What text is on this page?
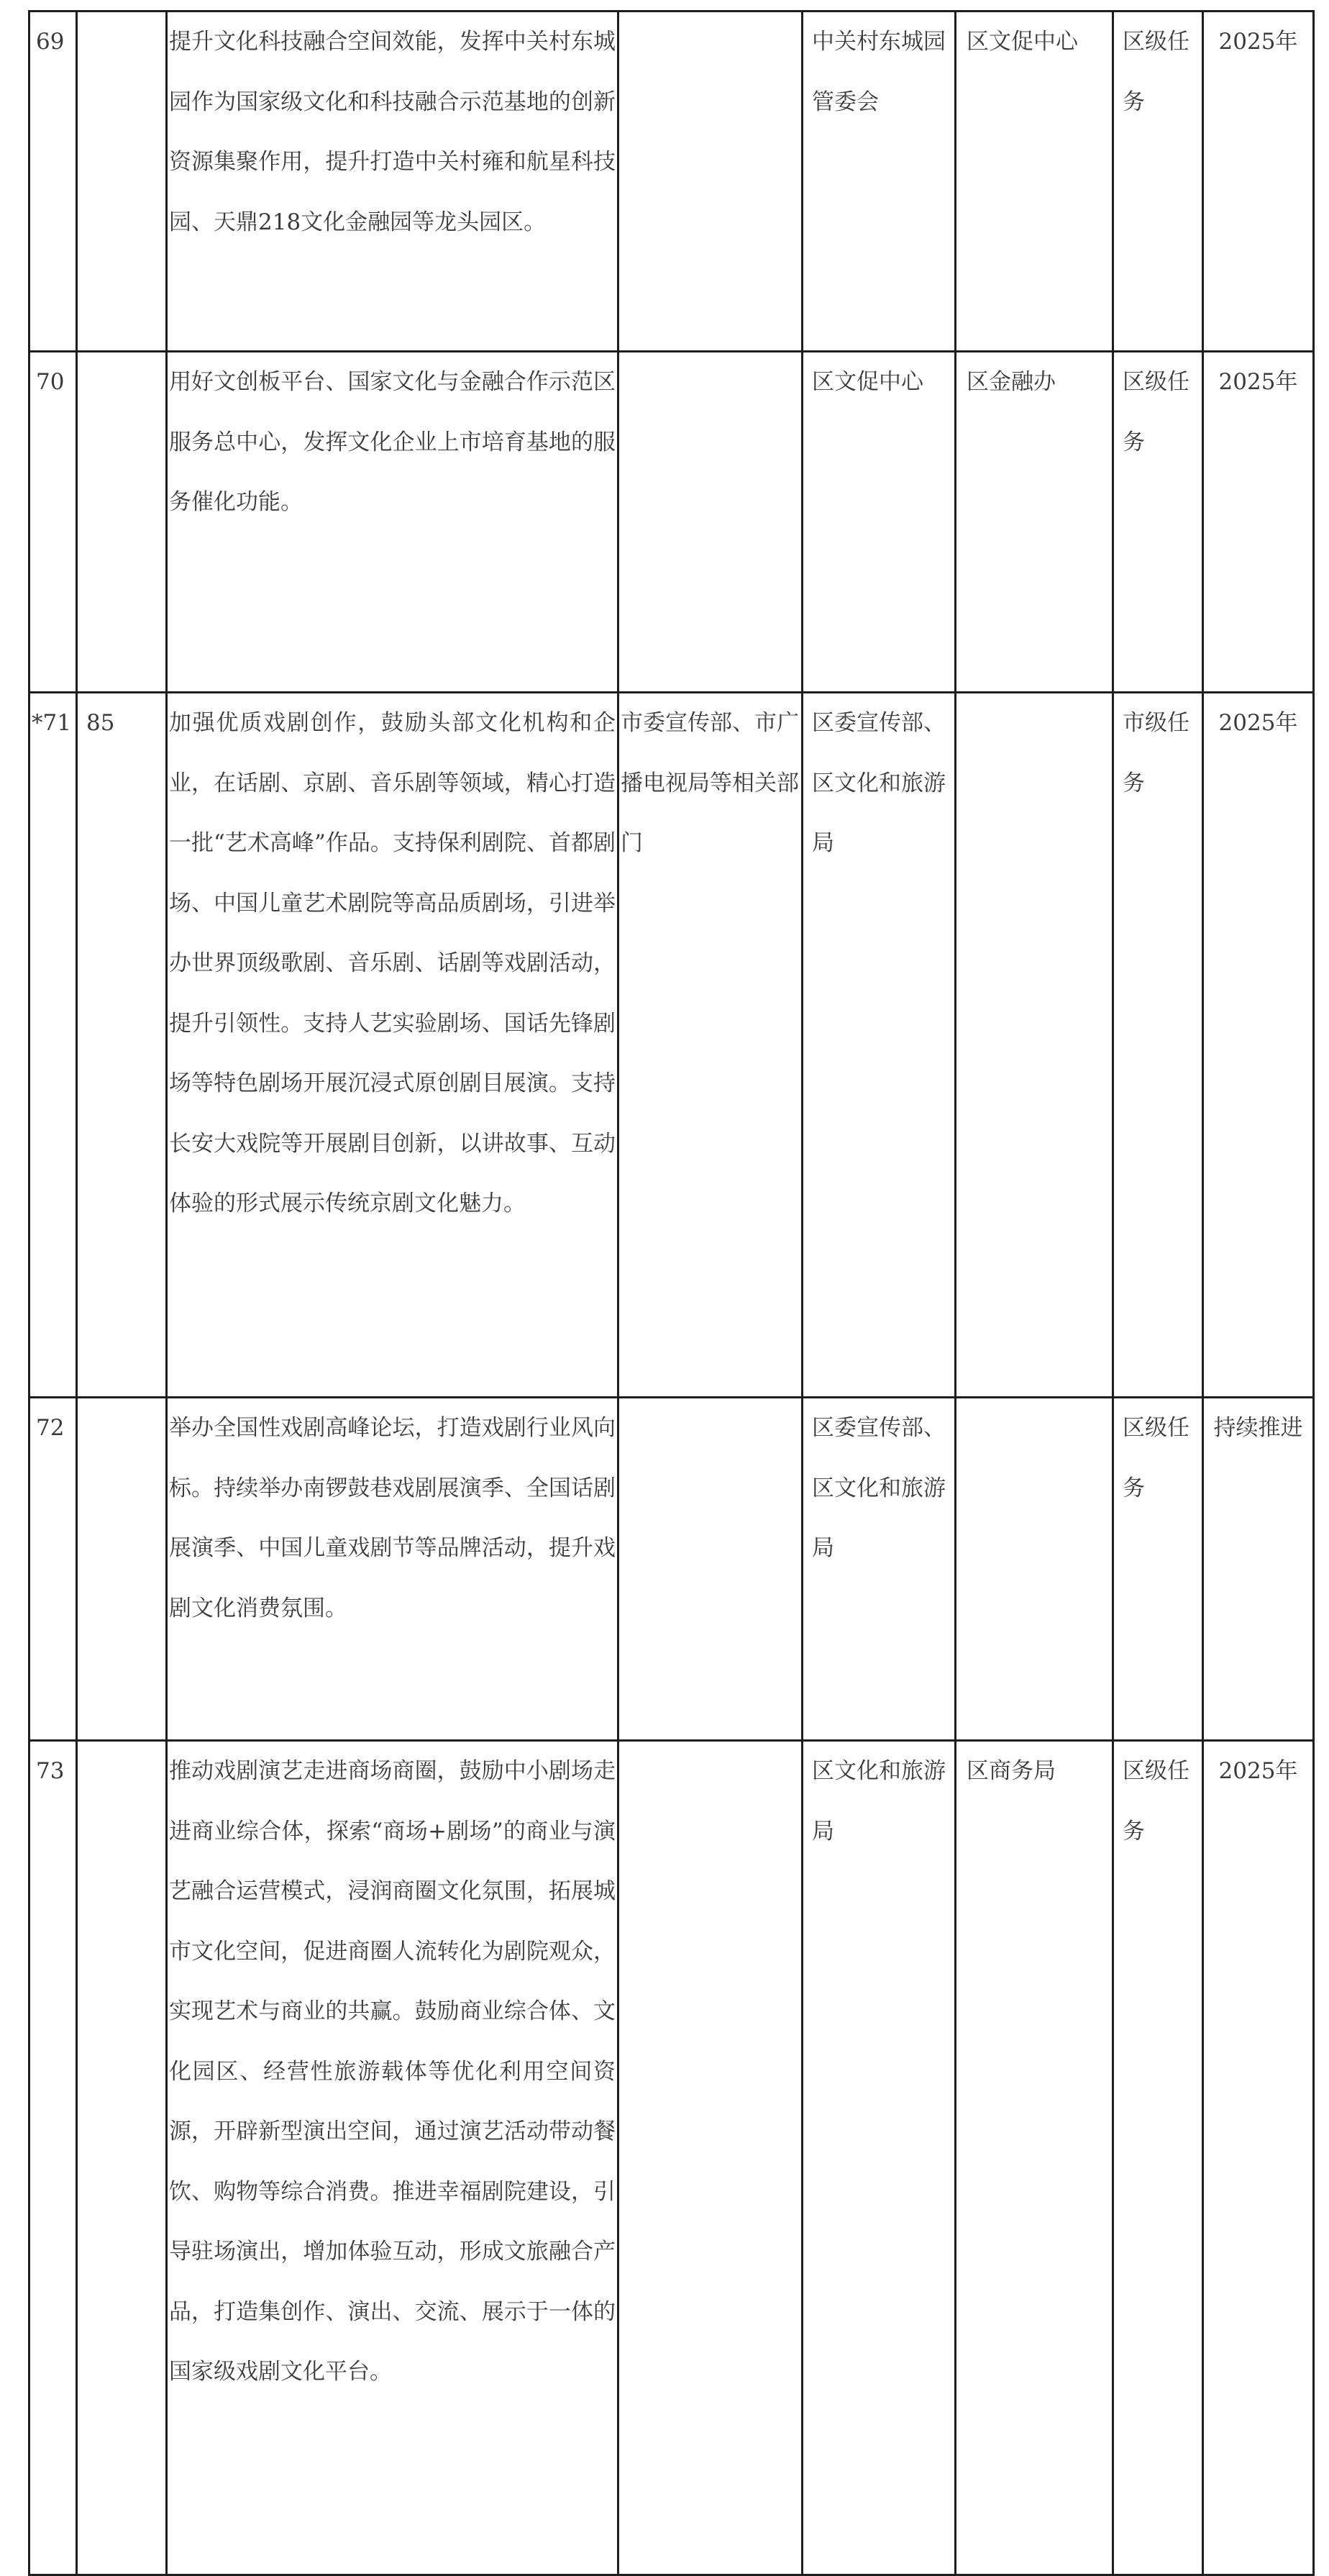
69		提升文化科技融合空间效能，发挥中关村东城园作为国家级文化和科技融合示范基地的创新资源集聚作用，提升打造中关村雍和航星科技园、天鼎218文化金融园等龙头园区。		中关村东城园管委会	区文促中心	区级任务	2025年
70		用好文创板平台、国家文化与金融合作示范区服务总中心，发挥文化企业上市培育基地的服务催化功能。		区文促中心	区金融办	区级任务	2025年
*71	85	加强优质戏剧创作，鼓励头部文化机构和企业，在话剧、京剧、音乐剧等领域，精心打造一批“艺术高峰”作品。支持保利剧院、首都剧场、中国儿童艺术剧院等高品质剧场，引进举办世界顶级歌剧、音乐剧、话剧等戏剧活动，提升引领性。支持人艺实验剧场、国话先锋剧场等特色剧场开展沉浸式原创剧目展演。支持长安大戏院等开展剧目创新，以讲故事、互动体验的形式展示传统京剧文化魅力。	市委宣传部、市广播电视局等相关部门	区委宣传部、区文化和旅游局		市级任务	2025年
72		举办全国性戏剧高峰论坛，打造戏剧行业风向标。持续举办南锣鼓巷戏剧展演季、全国话剧展演季、中国儿童戏剧节等品牌活动，提升戏剧文化消费氛围。		区委宣传部、区文化和旅游局		区级任务	持续推进
73		推动戏剧演艺走进商场商圈，鼓励中小剧场走进商业综合体，探索“商场+剧场”的商业与演艺融合运营模式，浸润商圈文化氛围，拓展城市文化空间，促进商圈人流转化为剧院观众，实现艺术与商业的共赢。鼓励商业综合体、文化园区、经营性旅游载体等优化利用空间资源，开辟新型演出空间，通过演艺活动带动餐饮、购物等综合消费。推进幸福剧院建设，引导驻场演出，增加体验互动，形成文旅融合产品，打造集创作、演出、交流、展示于一体的国家级戏剧文化平台。		区文化和旅游局	区商务局	区级任务	2025年
